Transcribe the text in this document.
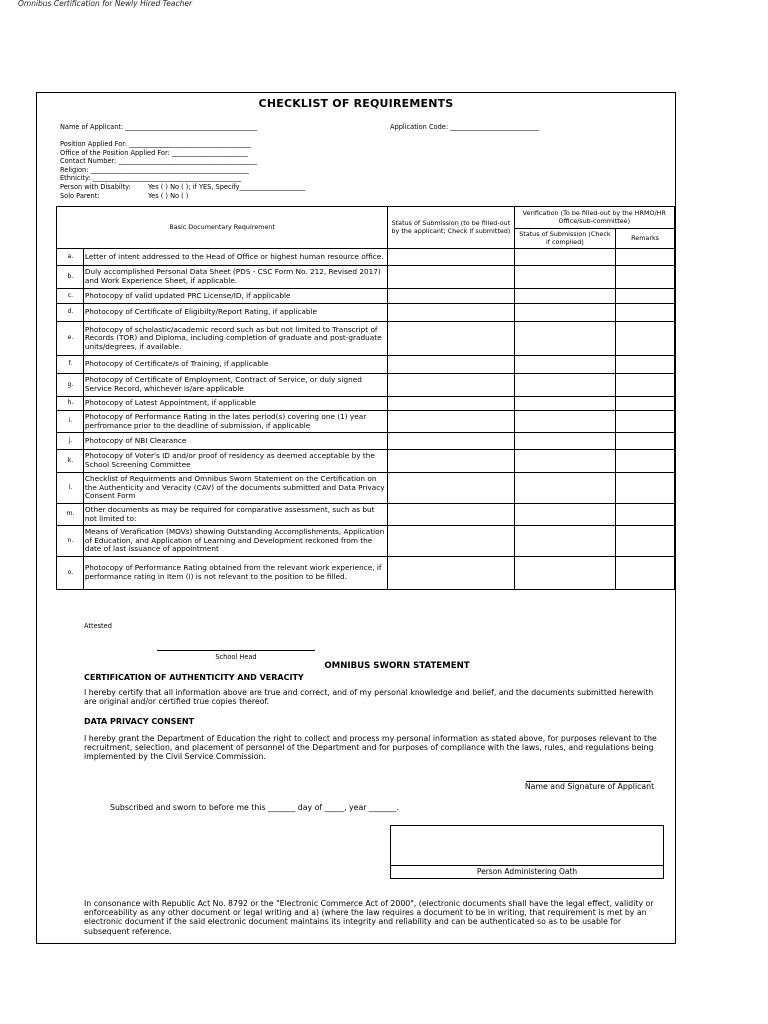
Omnibus Certification for Newly Hired Teacher
CHECKLIST OF REQUIREMENTS
Name of Applicant: ________________________________________	Application Code: ___________________________
Position Applied For: _____________________________________
Office of the Position Applied For: _______________________
Contact Number: __________________________________________
Religion: ________________________________________________
Ethnicity: _____________________________________________
Person with Disabilty:	Yes ( ) No ( ); if YES, Specify____________________
Solo Parent:	Yes ( ) No ( )
Basic Documentary Requirement		Status of Submission (to be filled-out by the applicant; Check if submitted)	Verification (To be filled-out by the HRMO/HR Office/sub-committee)	
			Status of Submission (Check if complied)	Remarks
a.	Letter of intent addressed to the Head of Office or highest human resource office.			
b.	Duly accomplished Personal Data Sheet (PDS - CSC Form No. 212, Revised 2017) and Work Experience Sheet, if applicable.			
c.	Photocopy of valid updated PRC License/ID, if applicable			
d.	Photocopy of Certificate of Eligibilty/Report Rating, if applicable			
e.	Photocopy of scholastic/academic record such as but not limited to Transcript of Records (TOR) and Diploma, including completion of graduate and post-graduate units/degrees, if available.			
f.	Photocopy of Certificate/s of Training, if applicable			
g.	Photocopy of Certificate of Employment, Contract of Service, or duly signed Service Record, whichever is/are applicable			
h.	Photocopy of Latest Appointment, if applicable			
i.	Photocopy of Performance Rating in the lates period(s) covering one (1) year perfromance prior to the deadline of submission, if applicable			
j.	Photocopy of NBI Clearance			
k.	Photocopy of Voter's ID and/or proof of residency as deemed acceptable by the School Screening Committee			
l.	Checklist of Requirments and Omnibus Sworn Statement on the Certification on the Authenticity and Veracity (CAV) of the documents submitted and Data Privacy Consent Form			
m.	Other documents as may be required for comparative assessment, such as but not limited to:			
n.	Means of Verafication (MOVs) showing Outstanding Accomplishments, Application of Education, and Application of Learning and Development reckoned from the date of last issuance of appointment			
o.	Photocopy of Performance Rating obtained from the relevant wiork experience, if performance rating in Item (i) is not relevant to the position to be filled.			
Attested
School Head
OMNIBUS SWORN STATEMENT
CERTIFICATION OF AUTHENTICITY AND VERACITY
I hereby certify that all information above are true and correct, and of my personal knowledge and belief, and the documents submitted herewith are original and/or certified true copies thereof.
DATA PRIVACY CONSENT
I hereby grant the Department of Education the right to collect and process my personal information as stated above, for purposes relevant to the recruitment, selection, and placement of personnel of the Department and for purposes of compliance with the laws, rules, and regulations being implemented by the Civil Service Commission.
Name and Signature of Applicant
Subscribed and sworn to before me this _______ day of _____, year _______.
Person Administering Oath
In consonance with Republic Act No. 8792 or the "Electronic Commerce Act of 2000", (electronic documents shall have the legal effect, validity or enforceability as any other document or legal writing and a) (where the law requires a document to be in writing, that requirement is met by an electronic document if the said electronic document maintains its integrity and reliability and can be authenticated so as to be usable for subsequent reference.
